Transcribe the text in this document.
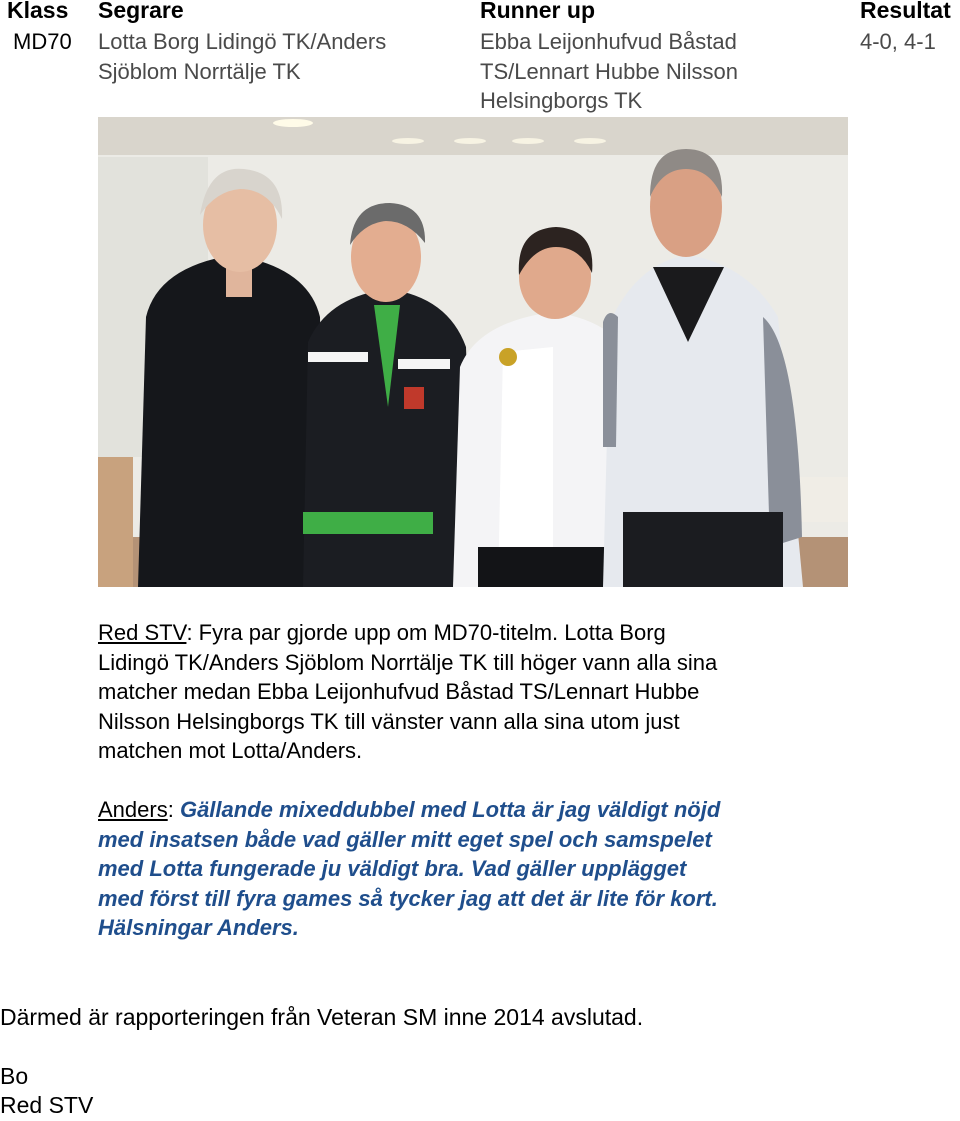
Klass Segrare	Runner up	Resultat
MD70 Lotta Borg Lidingö TK/Anders
Sjöblom Norrtälje TK
Ebba Leijonhufvud Båstad
TS/Lennart Hubbe Nilsson
Helsingborgs TK
4-0, 4-1
Red STV: Fyra par gjorde upp om MD70-titelm. Lotta Borg
Lidingö TK/Anders Sjöblom Norrtälje TK till höger vann alla sina
matcher medan Ebba Leijonhufvud Båstad TS/Lennart Hubbe
Nilsson Helsingborgs TK till vänster vann alla sina utom just
matchen mot Lotta/Anders.
Anders: Gällande mixeddubbel med Lotta är jag väldigt nöjd
med insatsen både vad gäller mitt eget spel och samspelet
med Lotta fungerade ju väldigt bra. Vad gäller upplägget
med först till fyra games så tycker jag att det är lite för kort.
Hälsningar Anders.
Därmed är rapporteringen från Veteran SM inne 2014 avslutad.
Bo
Red STV
